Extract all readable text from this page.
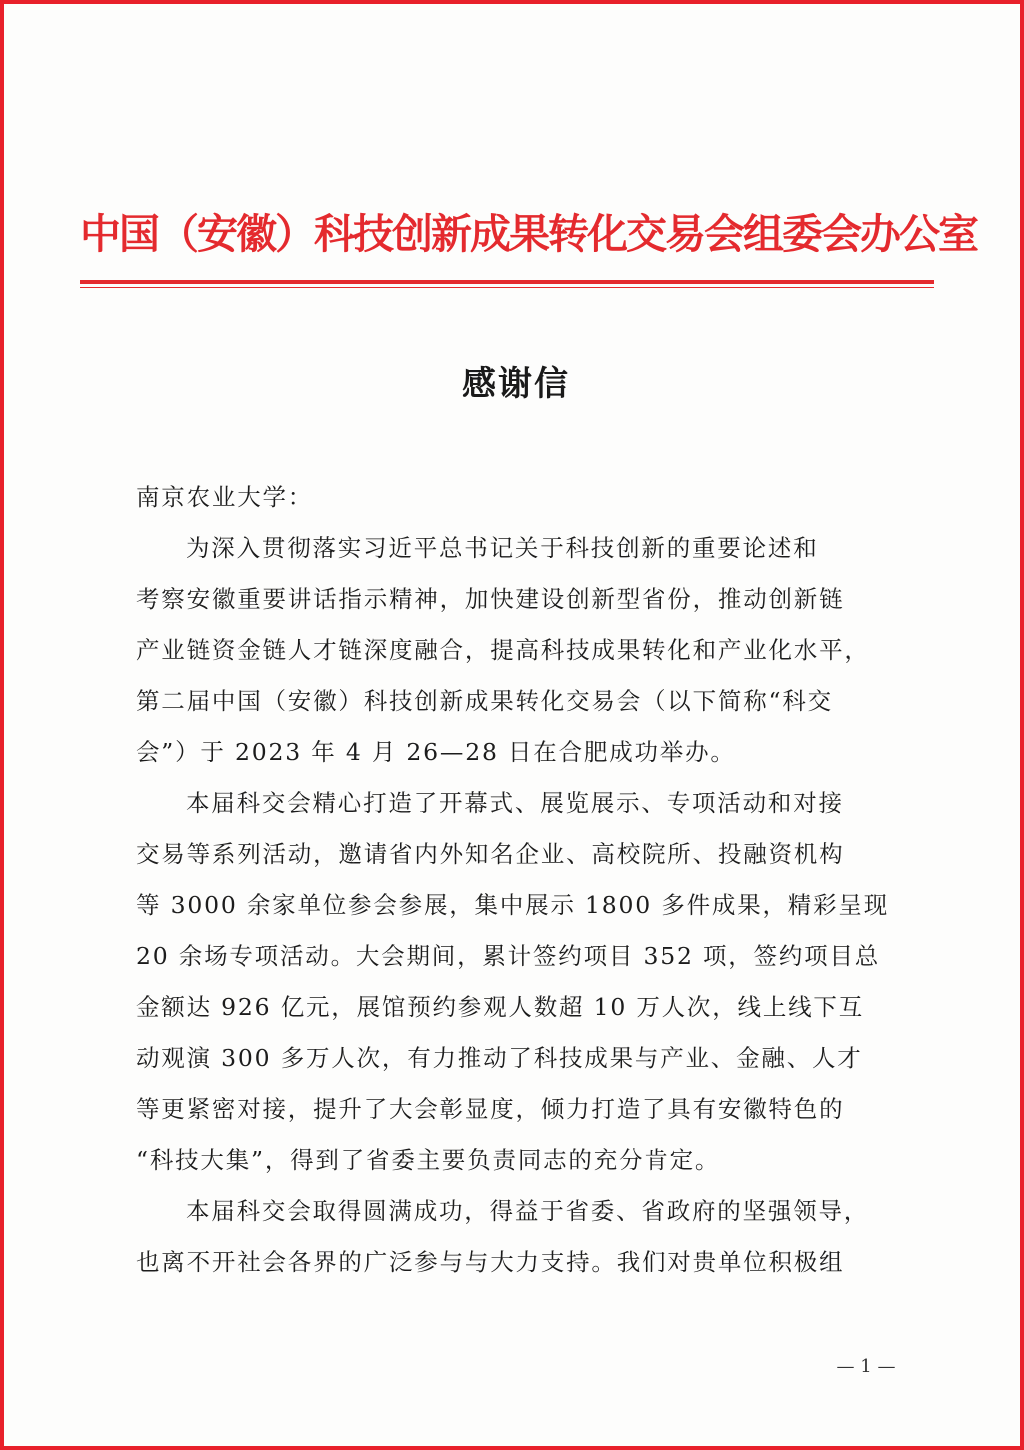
中国（安徽）科技创新成果转化交易会组委会办公室
感谢信
南京农业大学：
为深入贯彻落实习近平总书记关于科技创新的重要论述和
考察安徽重要讲话指示精神，加快建设创新型省份，推动创新链
产业链资金链人才链深度融合，提高科技成果转化和产业化水平，
第二届中国（安徽）科技创新成果转化交易会（以下简称“科交
会”）于 2023 年 4 月 26—28 日在合肥成功举办。
本届科交会精心打造了开幕式、展览展示、专项活动和对接
交易等系列活动，邀请省内外知名企业、高校院所、投融资机构
等 3000 余家单位参会参展，集中展示 1800 多件成果，精彩呈现
20 余场专项活动。大会期间，累计签约项目 352 项，签约项目总
金额达 926 亿元，展馆预约参观人数超 10 万人次，线上线下互
动观演 300 多万人次，有力推动了科技成果与产业、金融、人才
等更紧密对接，提升了大会彰显度，倾力打造了具有安徽特色的
“科技大集”，得到了省委主要负责同志的充分肯定。
本届科交会取得圆满成功，得益于省委、省政府的坚强领导，
也离不开社会各界的广泛参与与大力支持。我们对贵单位积极组
— 1 —
